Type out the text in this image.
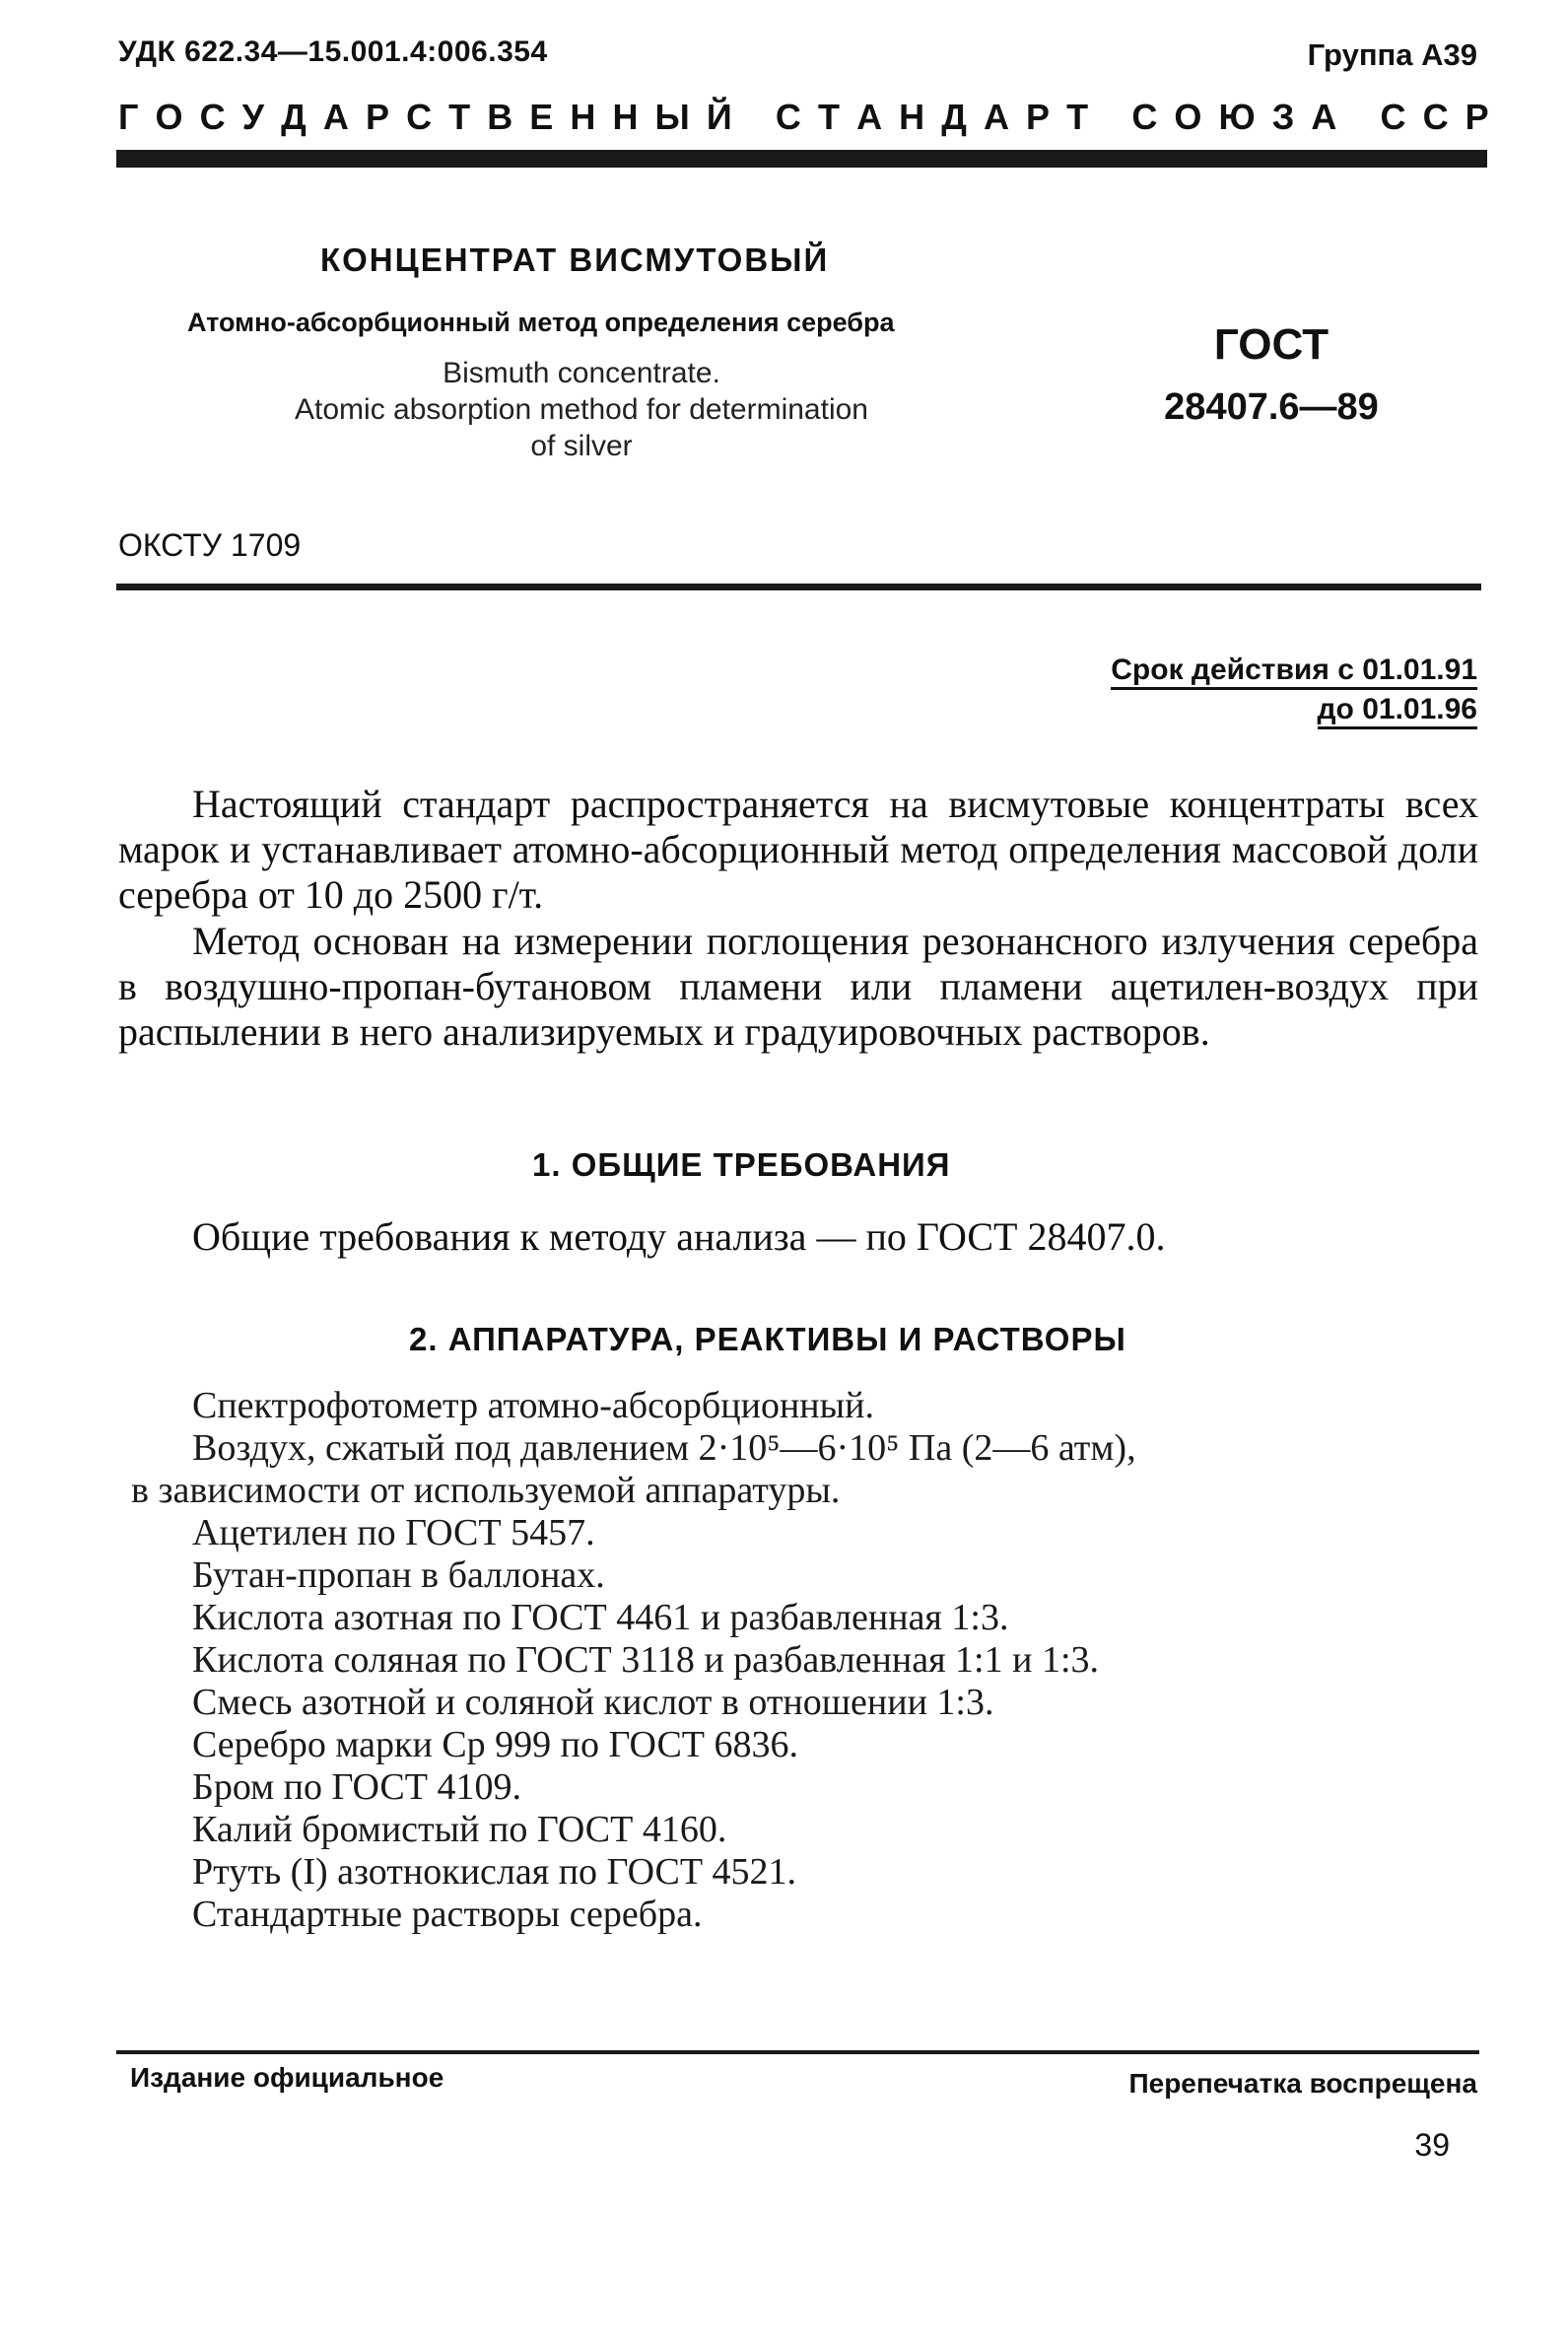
УДК 622.34—15.001.4:006.354	Группа А39
Г О С У Д А Р С Т В Е Н Н Ы Й
С Т А Н Д А Р Т
С О Ю З А
С С Р
КОНЦЕНТРАТ ВИСМУТОВЫЙ
Атомно-абсорбционный метод определения серебра
Bismuth concentrate.
Atomic absorption method for determination
of silver
ГОСТ
28407.6—89
ОКСТУ 1709
Срок действия с 01.01.91
до 01.01.96
Настоящий стандарт распространяется на висмутовые концентраты всех марок и устанавливает атомно-абсорционный метод определения массовой доли серебра от 10 до 2500 г/т.
Метод основан на измерении поглощения резонансного излучения серебра в воздушно-пропан-бутановом пламени или пламени ацетилен-воздух при распылении в него анализируемых и градуировочных растворов.
1. ОБЩИЕ ТРЕБОВАНИЯ
Общие требования к методу анализа — по ГОСТ 28407.0.
2. АППАРАТУРА, РЕАКТИВЫ И РАСТВОРЫ
Спектрофотометр атомно-абсорбционный.
Воздух, сжатый под давлением 2·10⁵—6·10⁵ Па (2—6 атм),
в зависимости от используемой аппаратуры.
Ацетилен по ГОСТ 5457.
Бутан-пропан в баллонах.
Кислота азотная по ГОСТ 4461 и разбавленная 1:3.
Кислота соляная по ГОСТ 3118 и разбавленная 1:1 и 1:3.
Смесь азотной и соляной кислот в отношении 1:3.
Серебро марки Ср 999 по ГОСТ 6836.
Бром по ГОСТ 4109.
Калий бромистый по ГОСТ 4160.
Ртуть (I) азотнокислая по ГОСТ 4521.
Стандартные растворы серебра.
Издание официальное	Перепечатка воспрещена
39
